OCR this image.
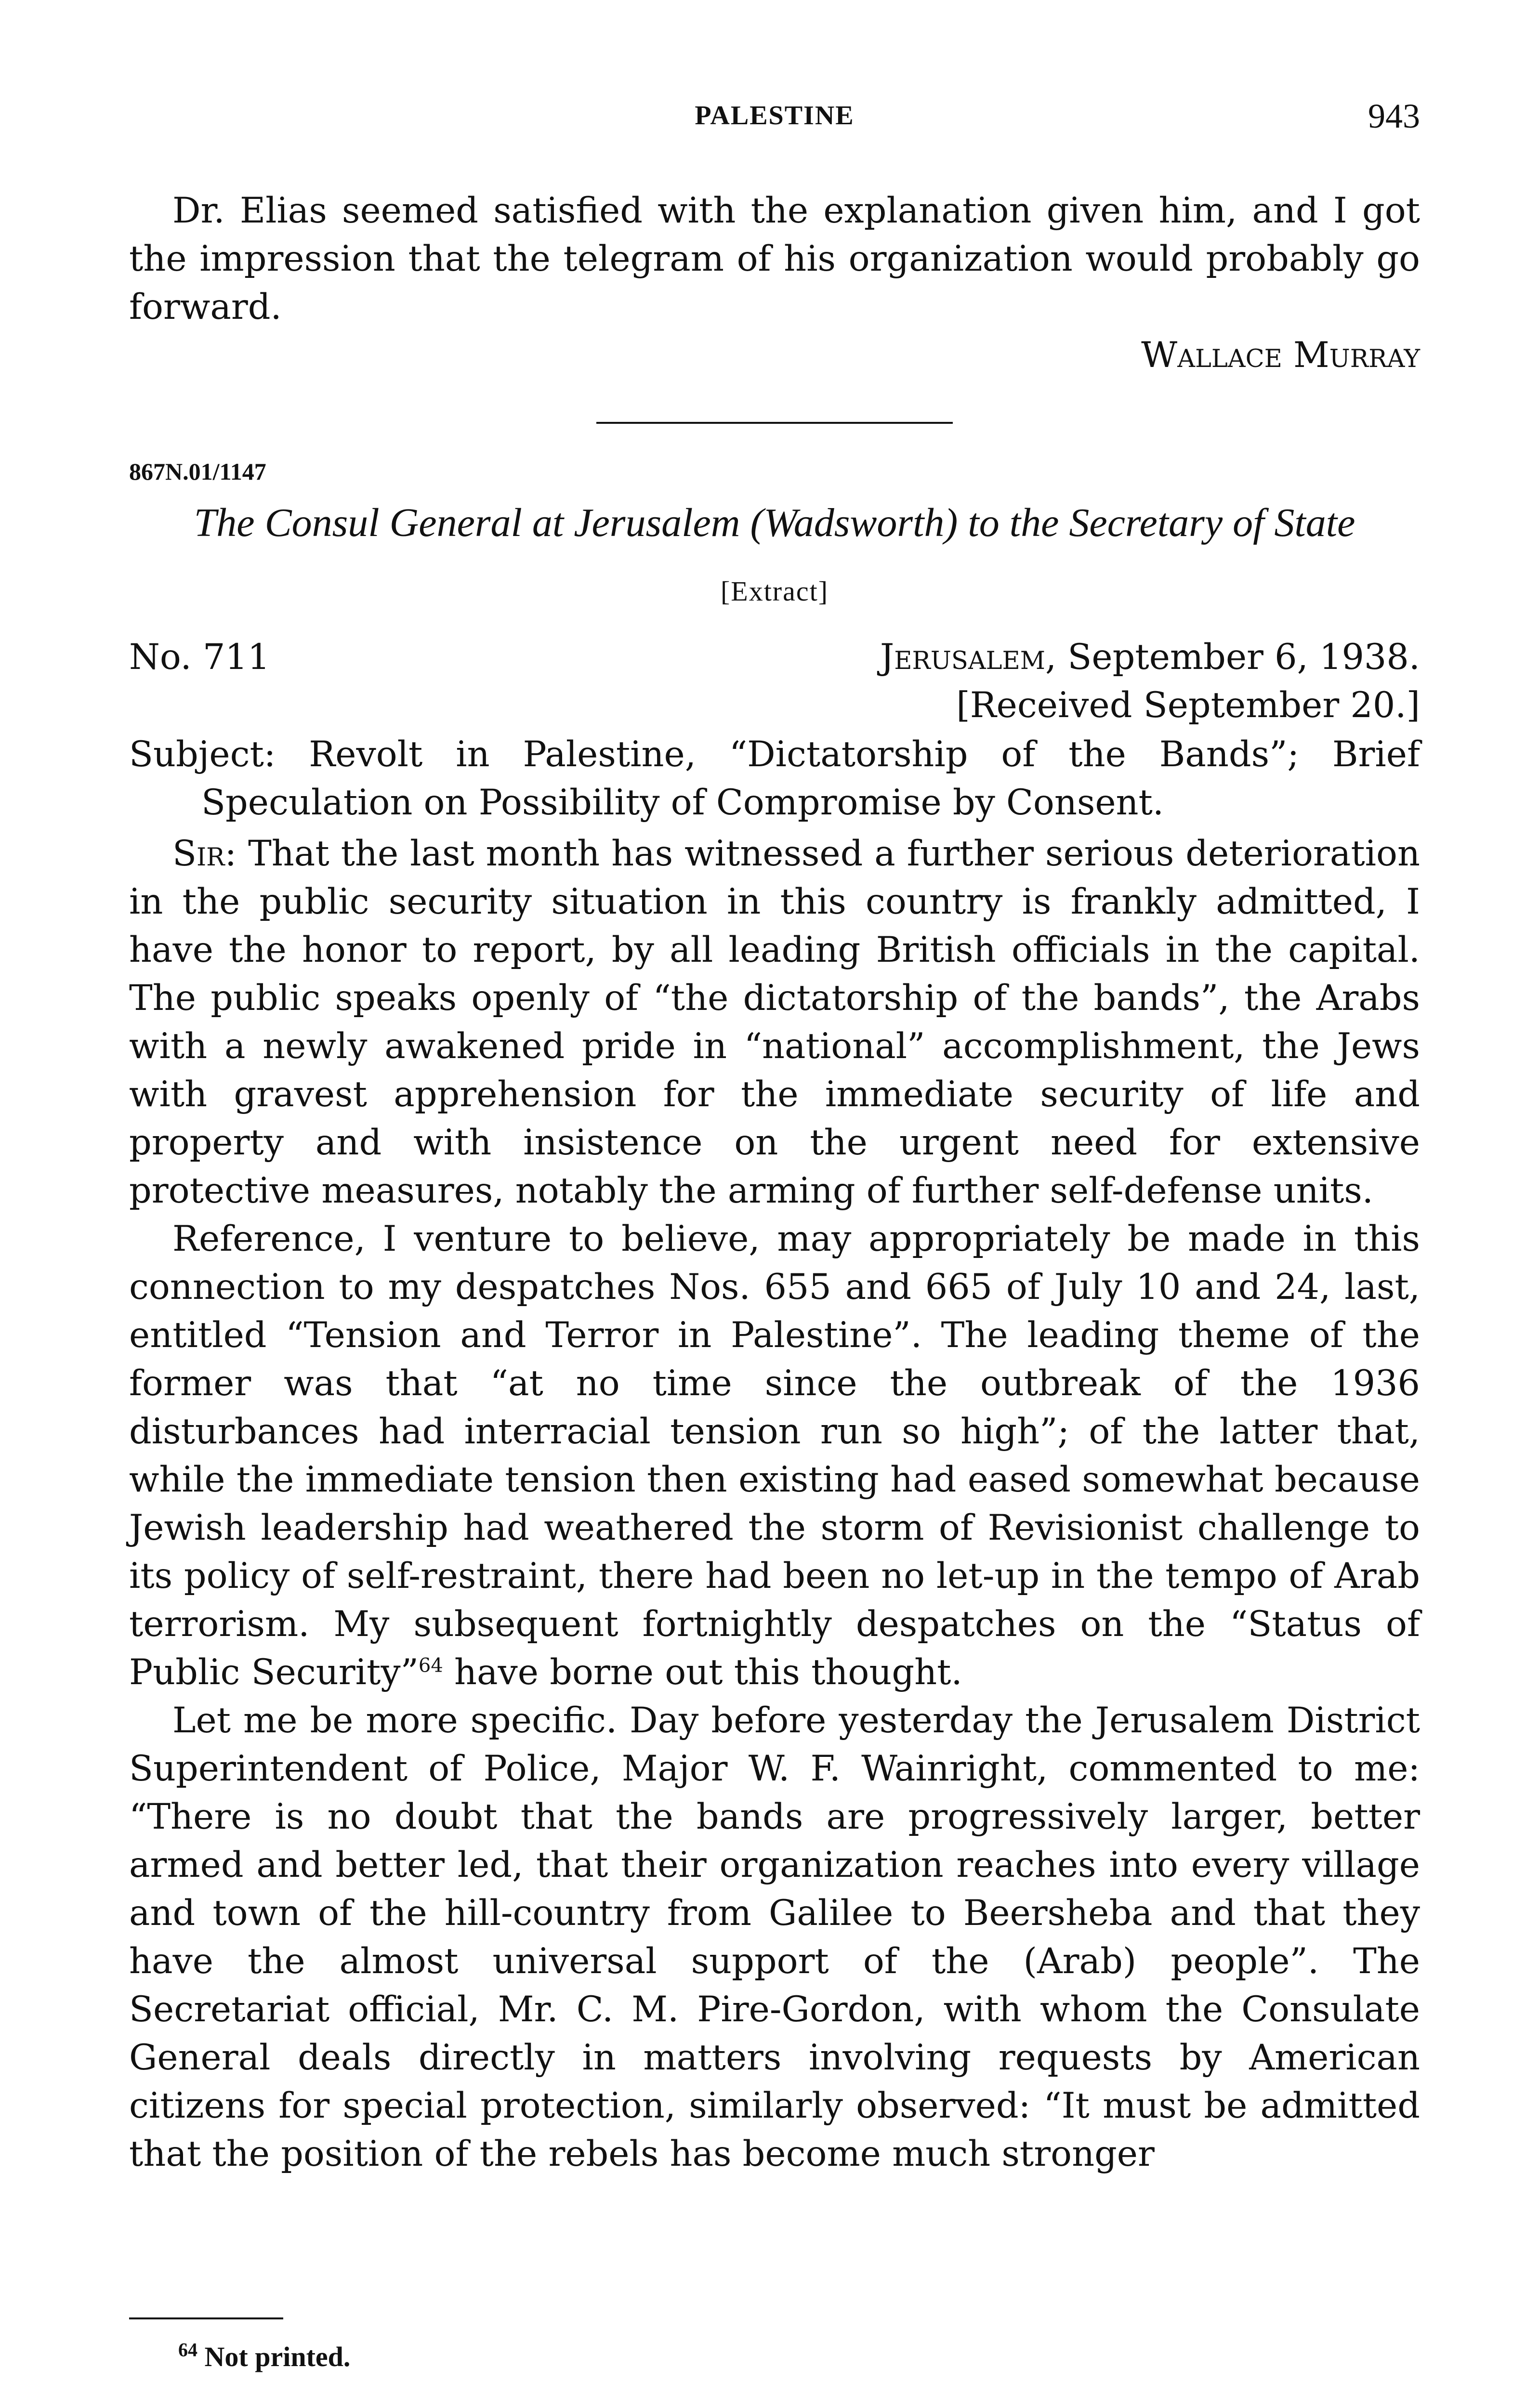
PALESTINE	943

Dr. Elias seemed satisfied with the explanation given him, and I got the impression that the telegram of his organization would probably go forward.

Wallace Murray

867N.01/1147

The Consul General at Jerusalem (Wadsworth) to the Secretary of State

[Extract]

No. 711	Jerusalem, September 6, 1938.
[Received September 20.]

Subject: Revolt in Palestine, “Dictatorship of the Bands”; Brief Speculation on Possibility of Compromise by Consent.

Sir: That the last month has witnessed a further serious deterioration in the public security situation in this country is frankly admitted, I have the honor to report, by all leading British officials in the capital. The public speaks openly of “the dictatorship of the bands”, the Arabs with a newly awakened pride in “national” accomplishment, the Jews with gravest apprehension for the immediate security of life and property and with insistence on the urgent need for extensive protective measures, notably the arming of further self-defense units.

Reference, I venture to believe, may appropriately be made in this connection to my despatches Nos. 655 and 665 of July 10 and 24, last, entitled “Tension and Terror in Palestine”. The leading theme of the former was that “at no time since the outbreak of the 1936 disturbances had interracial tension run so high”; of the latter that, while the immediate tension then existing had eased somewhat because Jewish leadership had weathered the storm of Revisionist challenge to its policy of self-restraint, there had been no let-up in the tempo of Arab terrorism. My subsequent fortnightly despatches on the “Status of Public Security”$^{64}$ have borne out this thought.

Let me be more specific. Day before yesterday the Jerusalem District Superintendent of Police, Major W. F. Wainright, commented to me: “There is no doubt that the bands are progressively larger, better armed and better led, that their organization reaches into every village and town of the hill-country from Galilee to Beersheba and that they have the almost universal support of the (Arab) people”. The Secretariat official, Mr. C. M. Pire-Gordon, with whom the Consulate General deals directly in matters involving requests by American citizens for special protection, similarly observed: “It must be admitted that the position of the rebels has become much stronger

$^{64}$ Not printed.
